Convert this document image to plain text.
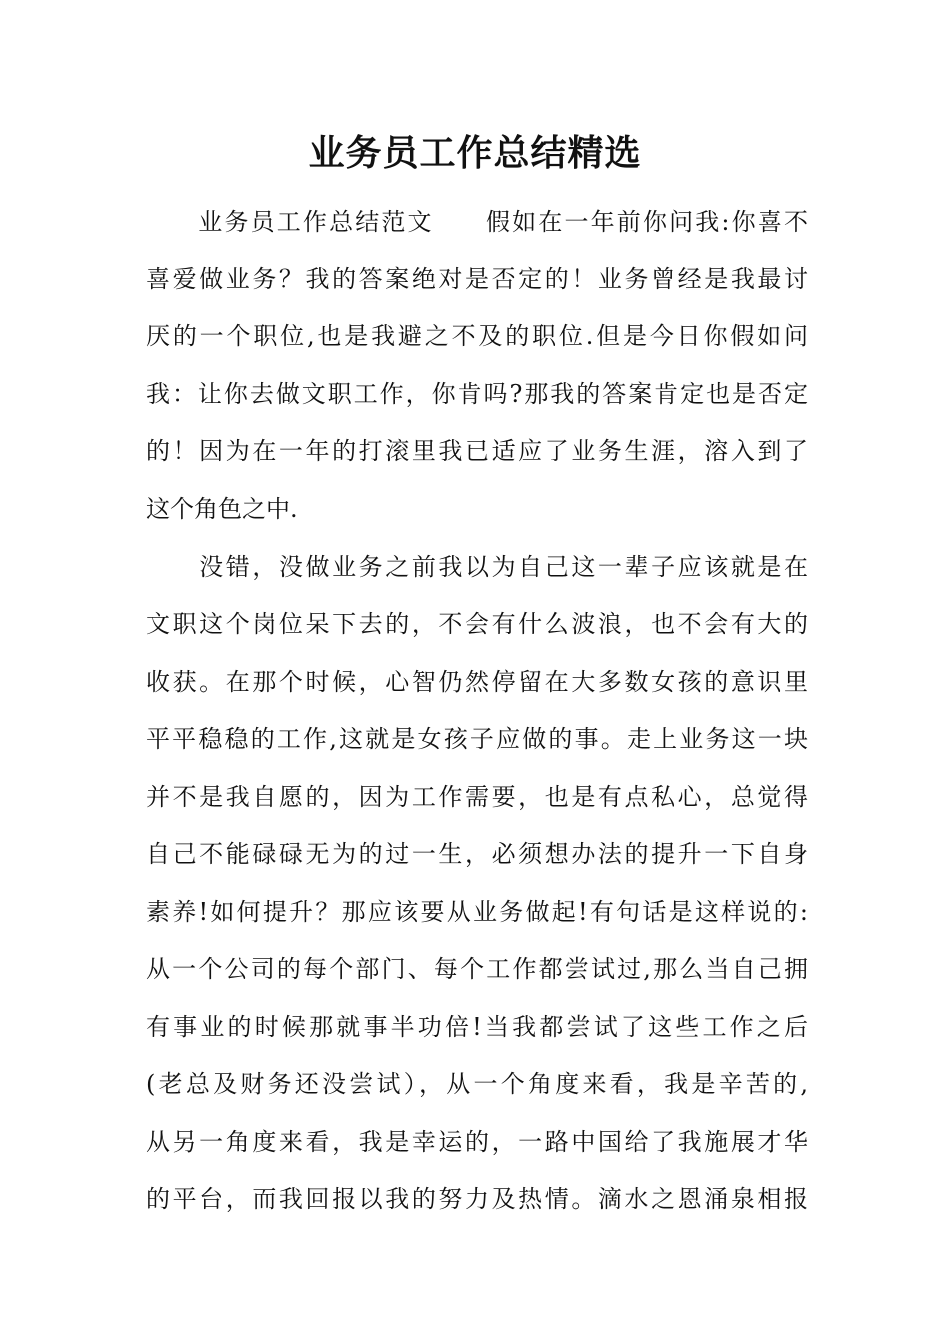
业务员工作总结精选
　　业务员工作总结范文　　假如在一年前你问我:你喜不
喜爱做业务？我的答案绝对是否定的！业务曾经是我最讨
厌的一个职位,也是我避之不及的职位.但是今日你假如问
我：让你去做文职工作，你肯吗?那我的答案肯定也是否定
的！因为在一年的打滚里我已适应了业务生涯，溶入到了
这个角色之中.
　　没错，没做业务之前我以为自己这一辈子应该就是在
文职这个岗位呆下去的，不会有什么波浪，也不会有大的
收获。在那个时候，心智仍然停留在大多数女孩的意识里
平平稳稳的工作,这就是女孩子应做的事。走上业务这一块
并不是我自愿的，因为工作需要，也是有点私心，总觉得
自己不能碌碌无为的过一生，必须想办法的提升一下自身
素养!如何提升？那应该要从业务做起!有句话是这样说的:
从一个公司的每个部门、每个工作都尝试过,那么当自己拥
有事业的时候那就事半功倍!当我都尝试了这些工作之后
(老总及财务还没尝试），从一个角度来看，我是辛苦的,
从另一角度来看，我是幸运的，一路中国给了我施展才华
的平台，而我回报以我的努力及热情。滴水之恩涌泉相报
